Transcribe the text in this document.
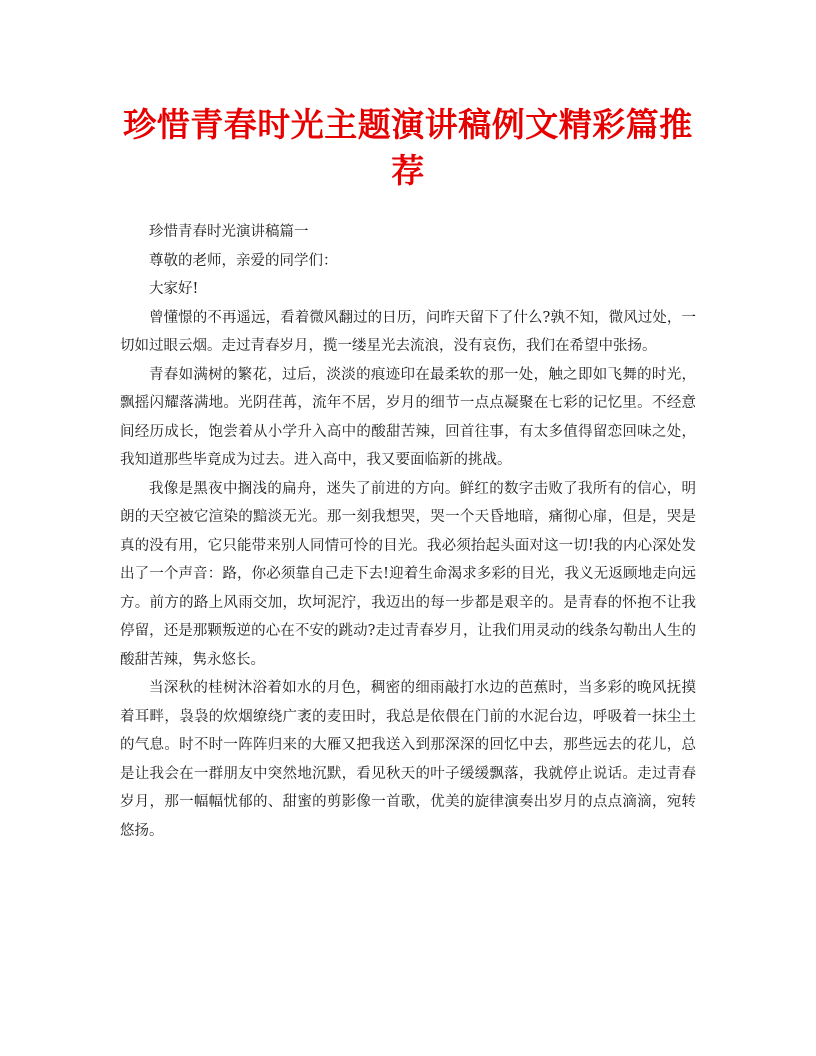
珍惜青春时光主题演讲稿例文精彩篇推荐

珍惜青春时光演讲稿篇一

尊敬的老师，亲爱的同学们：

大家好!

曾懂憬的不再遥远，看着微风翻过的日历，问昨天留下了什么?孰不知，微风过处，一切如过眼云烟。走过青春岁月，揽一缕星光去流浪，没有哀伤，我们在希望中张扬。

青春如满树的繁花，过后，淡淡的痕迹印在最柔软的那一处，触之即如飞舞的时光，飘摇闪耀落满地。光阴荏苒，流年不居，岁月的细节一点点凝聚在七彩的记忆里。不经意间经历成长，饱尝着从小学升入高中的酸甜苦辣，回首往事，有太多值得留恋回味之处，我知道那些毕竟成为过去。进入高中，我又要面临新的挑战。

我像是黑夜中搁浅的扁舟，迷失了前进的方向。鲜红的数字击败了我所有的信心，明朗的天空被它渲染的黯淡无光。那一刻我想哭，哭一个天昏地暗，痛彻心扉，但是，哭是真的没有用，它只能带来别人同情可怜的目光。我必须抬起头面对这一切!我的内心深处发出了一个声音：路，你必须靠自己走下去!迎着生命渴求多彩的目光，我义无返顾地走向远方。前方的路上风雨交加，坎坷泥泞，我迈出的每一步都是艰辛的。是青春的怀抱不让我停留，还是那颗叛逆的心在不安的跳动?走过青春岁月，让我们用灵动的线条勾勒出人生的酸甜苦辣，隽永悠长。

当深秋的桂树沐浴着如水的月色，稠密的细雨敲打水边的芭蕉时，当多彩的晚风抚摸着耳畔，袅袅的炊烟缭绕广袤的麦田时，我总是依偎在门前的水泥台边，呼吸着一抹尘土的气息。时不时一阵阵归来的大雁又把我送入到那深深的回忆中去，那些远去的花儿，总是让我会在一群朋友中突然地沉默，看见秋天的叶子缓缓飘落，我就停止说话。走过青春岁月，那一幅幅忧郁的、甜蜜的剪影像一首歌，优美的旋律演奏出岁月的点点滴滴，宛转悠扬。
